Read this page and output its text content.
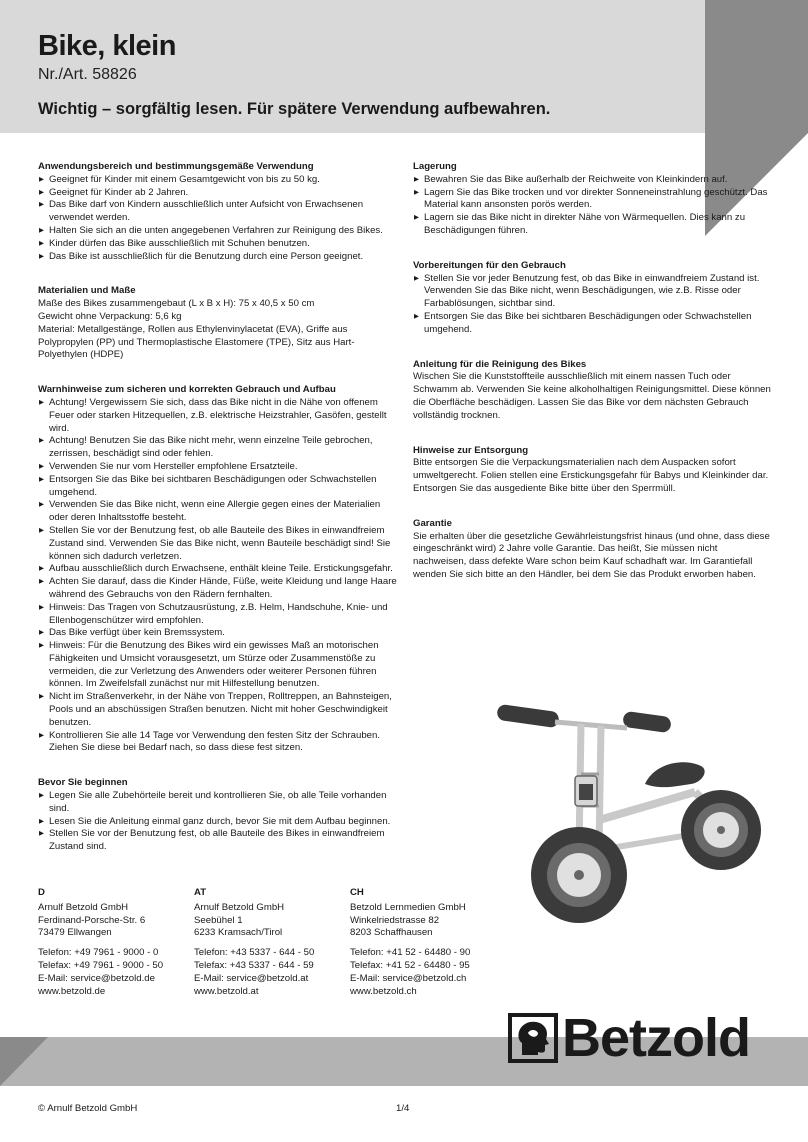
Bike, klein
Nr./Art. 58826
Wichtig – sorgfältig lesen. Für spätere Verwendung aufbewahren.
Anwendungsbereich und bestimmungsgemäße Verwendung
▶ Geeignet für Kinder mit einem Gesamtgewicht von bis zu 50 kg.
▶ Geeignet für Kinder ab 2 Jahren.
▶ Das Bike darf von Kindern ausschließlich unter Aufsicht von Erwachsenen verwendet werden.
▶ Halten Sie sich an die unten angegebenen Verfahren zur Reinigung des Bikes.
▶ Kinder dürfen das Bike ausschließlich mit Schuhen benutzen.
▶ Das Bike ist ausschließlich für die Benutzung durch eine Person geeignet.
Materialien und Maße

Maße des Bikes zusammengebaut (L x B x H): 75 x 40,5 x 50 cm

Gewicht ohne Verpackung: 5,6 kg

Material: Metallgestänge, Rollen aus Ethylenvinylacetat (EVA), Griffe aus Polypropylen (PP) und Thermoplastische Elastomere (TPE), Sitz aus Hart-Polyethylen (HDPE)

Warnhinweise zum sicheren und korrekten Gebrauch und Aufbau
▶ Achtung! Vergewissern Sie sich, dass das Bike nicht in die Nähe von offenem Feuer oder starken Hitzequellen, z.B. elektrische Heizstrahler, Gasöfen, gestellt wird.
▶ Achtung! Benutzen Sie das Bike nicht mehr, wenn einzelne Teile gebrochen, zerrissen, beschädigt sind oder fehlen.
▶ Verwenden Sie nur vom Hersteller empfohlene Ersatzteile.
▶ Entsorgen Sie das Bike bei sichtbaren Beschädigungen oder Schwachstellen umgehend.
▶ Verwenden Sie das Bike nicht, wenn eine Allergie gegen eines der Materialien oder deren Inhaltsstoffe besteht.
▶ Stellen Sie vor der Benutzung fest, ob alle Bauteile des Bikes in einwandfreiem Zustand sind. Verwenden Sie das Bike nicht, wenn Bauteile beschädigt sind! Sie können sich dadurch verletzen.
▶ Aufbau ausschließlich durch Erwachsene, enthält kleine Teile. Erstickungsgefahr.
▶ Achten Sie darauf, dass die Kinder Hände, Füße, weite Kleidung und lange Haare während des Gebrauchs von den Rädern fernhalten.
▶ Hinweis: Das Tragen von Schutzausrüstung, z.B. Helm, Handschuhe, Knie- und Ellenbogenschützer wird empfohlen.
▶ Das Bike verfügt über kein Bremssystem.
▶ Hinweis: Für die Benutzung des Bikes wird ein gewisses Maß an motorischen Fähigkeiten und Umsicht vorausgesetzt, um Stürze oder Zusammenstöße zu vermeiden, die zur Verletzung des Anwenders oder weiterer Personen führen können. Im Zweifelsfall zunächst nur mit Hilfestellung benutzen.
▶ Nicht im Straßenverkehr, in der Nähe von Treppen, Rolltreppen, an Bahnsteigen, Pools und an abschüssigen Straßen benutzen. Nicht mit hoher Geschwindigkeit benutzen.
▶ Kontrollieren Sie alle 14 Tage vor Verwendung den festen Sitz der Schrauben. Ziehen Sie diese bei Bedarf nach, so dass diese fest sitzen.
Bevor Sie beginnen
▶ Legen Sie alle Zubehörteile bereit und kontrollieren Sie, ob alle Teile vorhanden sind.
▶ Lesen Sie die Anleitung einmal ganz durch, bevor Sie mit dem Aufbau beginnen.
▶ Stellen Sie vor der Benutzung fest, ob alle Bauteile des Bikes in einwandfreiem Zustand sind.
Lagerung
▶ Bewahren Sie das Bike außerhalb der Reichweite von Kleinkindern auf.
▶ Lagern Sie das Bike trocken und vor direkter Sonneneinstrahlung geschützt. Das Material kann ansonsten porös werden.
▶ Lagern sie das Bike nicht in direkter Nähe von Wärmequellen. Dies kann zu Beschädigungen führen.
Vorbereitungen für den Gebrauch
▶ Stellen Sie vor jeder Benutzung fest, ob das Bike in einwandfreiem Zustand ist. Verwenden Sie das Bike nicht, wenn Beschädigungen, wie z.B. Risse oder Farbablösungen, sichtbar sind.
▶ Entsorgen Sie das Bike bei sichtbaren Beschädigungen oder Schwachstellen umgehend.
Anleitung für die Reinigung des Bikes

Wischen Sie die Kunststoffteile ausschließlich mit einem nassen Tuch oder Schwamm ab. Verwenden Sie keine alkoholhaltigen Reinigungsmittel. Diese können die Oberfläche beschädigen. Lassen Sie das Bike vor dem nächsten Gebrauch vollständig trocknen.

Hinweise zur Entsorgung

Bitte entsorgen Sie die Verpackungsmaterialien nach dem Auspacken sofort umweltgerecht. Folien stellen eine Erstickungsgefahr für Babys und Kleinkinder dar. Entsorgen Sie das ausgediente Bike bitte über den Sperrmüll.

Garantie

Sie erhalten über die gesetzliche Gewährleistungsfrist hinaus (und ohne, dass diese eingeschränkt wird) 2 Jahre volle Garantie. Das heißt, Sie müssen nicht nachweisen, dass defekte Ware schon beim Kauf schadhaft war. Im Garantiefall wenden Sie sich bitte an den Händler, bei dem Sie das Produkt erworben haben.

D

Arnulf Betzold GmbH

Ferdinand-Porsche-Str. 6

73479 Ellwangen

Telefon: +49 7961 - 9000 - 0

Telefax: +49 7961 - 9000 - 50

E-Mail: service@betzold.de

www.betzold.de

AT

Arnulf Betzold GmbH

Seebühel 1

6233 Kramsach/Tirol

Telefon: +43 5337 - 644 - 50

Telefax: +43 5337 - 644 - 59

E-Mail: service@betzold.at

www.betzold.at

CH

Betzold Lernmedien GmbH

Winkelriedstrasse 82

8203 Schaffhausen

Telefon: +41 52 - 64480 - 90

Telefax: +41 52 - 64480 - 95

E-Mail: service@betzold.ch

www.betzold.ch

Betzold
© Arnulf Betzold GmbH	1/4
